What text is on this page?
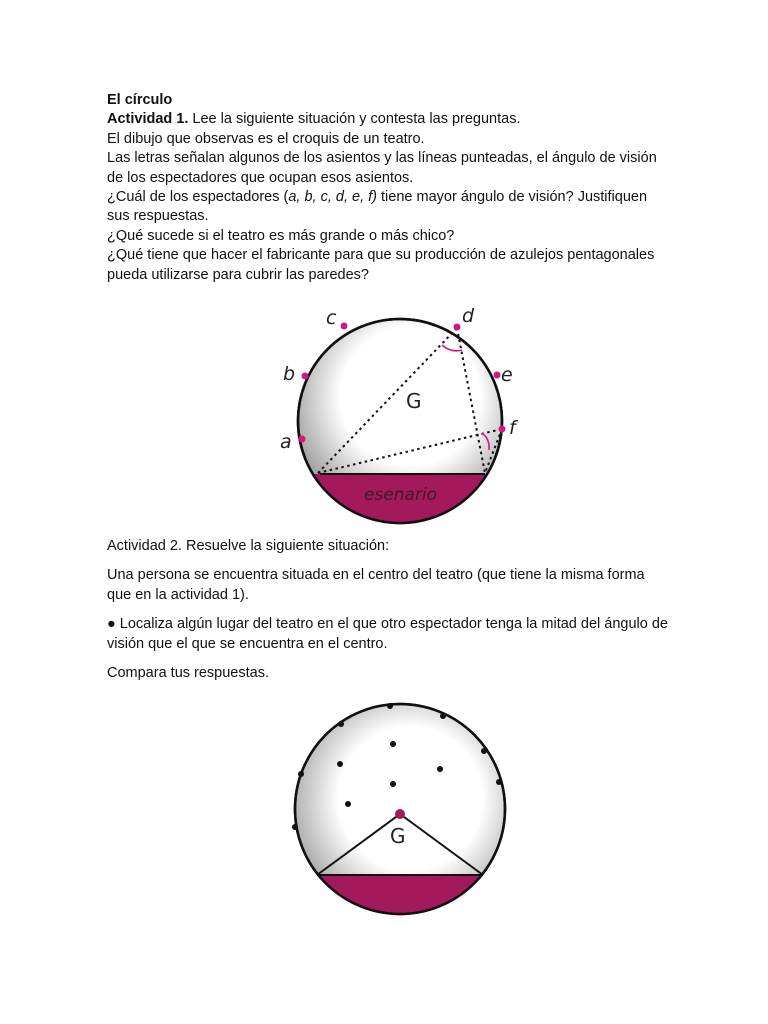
El círculo

Actividad 1. Lee la siguiente situación y contesta las preguntas.

El dibujo que observas es el croquis de un teatro.

Las letras señalan algunos de los asientos y las líneas punteadas, el ángulo de visión

de los espectadores que ocupan esos asientos.

¿Cuál de los espectadores (a, b, c, d, e, f) tiene mayor ángulo de visión? Justifiquen

sus respuestas.

¿Qué sucede si el teatro es más grande o más chico?

¿Qué tiene que hacer el fabricante para que su producción de azulejos pentagonales

pueda utilizarse para cubrir las paredes?

a
b
c	d
e
f
G
esenario

Actividad 2. Resuelve la siguiente situación:

Una persona se encuentra situada en el centro del teatro (que tiene la misma forma

que en la actividad 1).

● Localiza algún lugar del teatro en el que otro espectador tenga la mitad del ángulo de

visión que el que se encuentra en el centro.

Compara tus respuestas.

G
